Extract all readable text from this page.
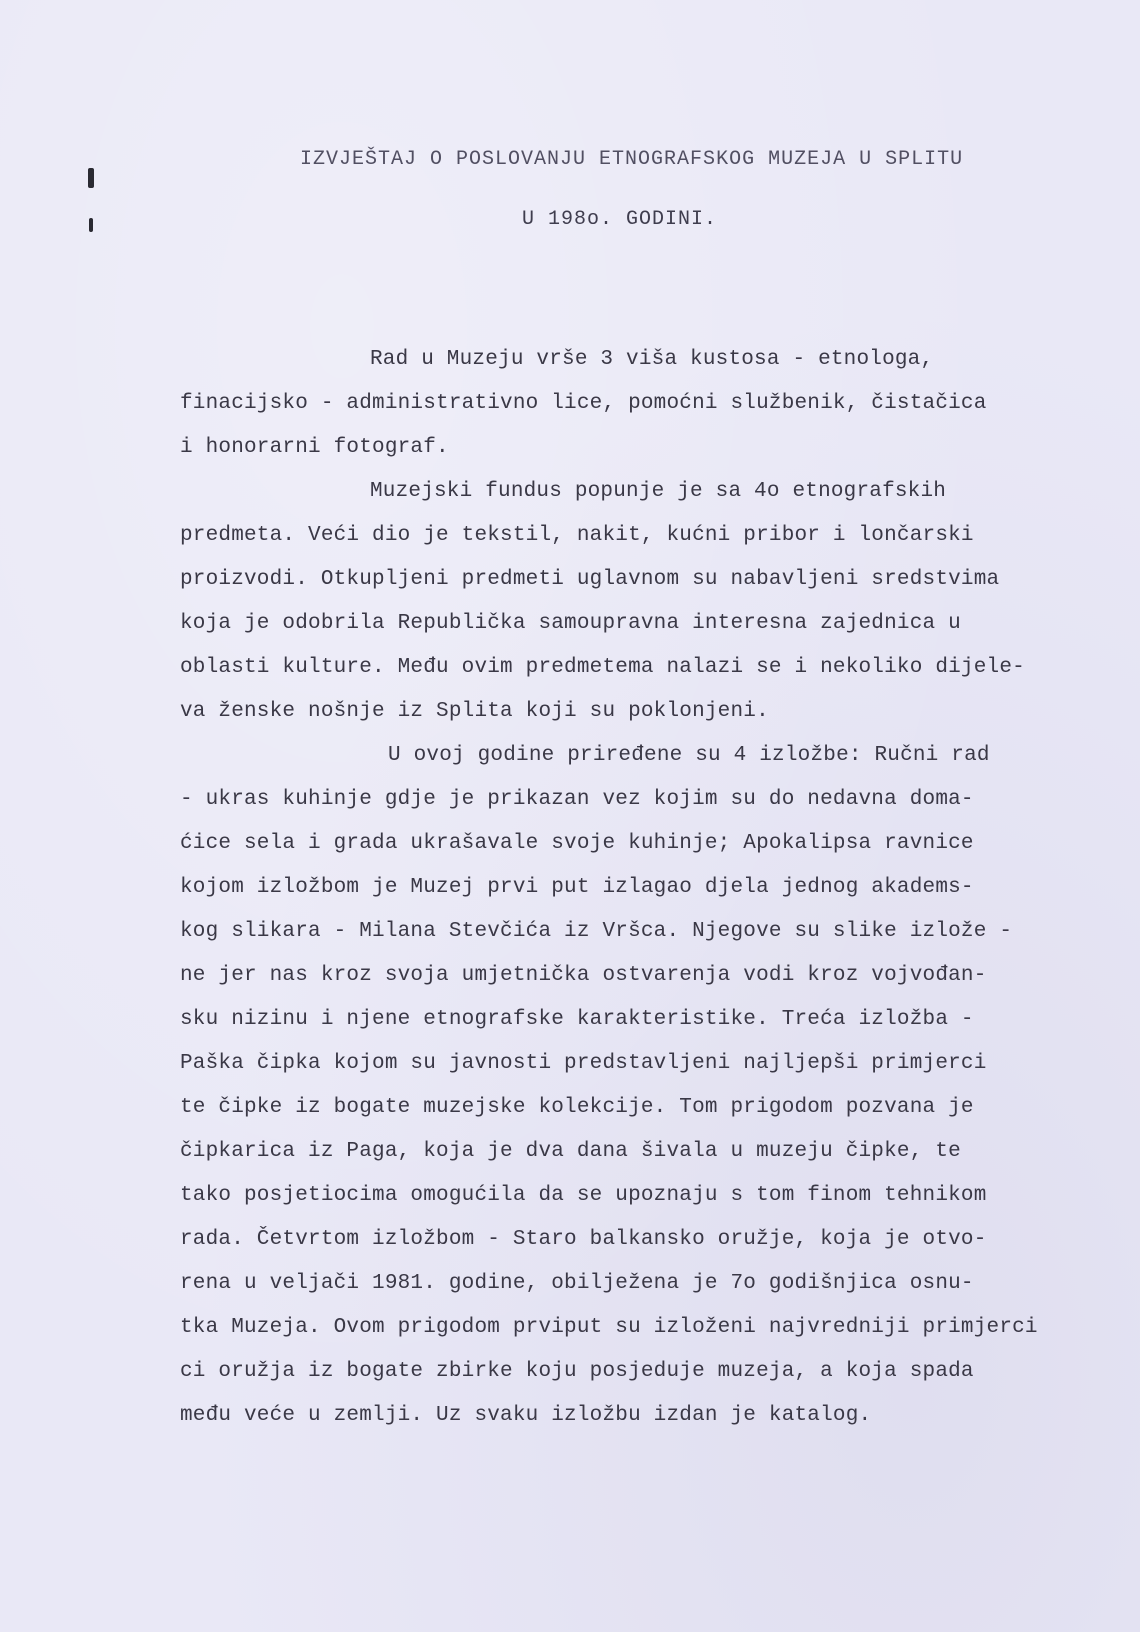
IZVJEŠTAJ O POSLOVANJU ETNOGRAFSKOG MUZEJA U SPLITU
U 198o. GODINI.
Rad u Muzeju vrše 3 viša kustosa - etnologa,
finacijsko - administrativno lice, pomoćni službenik, čistačica
i honorarni fotograf.
Muzejski fundus popunje je sa 4o etnografskih
predmeta. Veći dio je tekstil, nakit, kućni pribor i lončarski
proizvodi. Otkupljeni predmeti uglavnom su nabavljeni sredstvima
koja je odobrila Republička samoupravna interesna zajednica u
oblasti kulture. Među ovim predmetema nalazi se i nekoliko dijele-
va ženske nošnje iz Splita koji su poklonjeni.
U ovoj godine priređene su 4 izložbe: Ručni rad
- ukras kuhinje gdje je prikazan vez kojim su do nedavna doma-
ćice sela i grada ukrašavale svoje kuhinje; Apokalipsa ravnice
kojom izložbom je Muzej prvi put izlagao djela jednog akadems-
kog slikara - Milana Stevčića iz Vršca. Njegove su slike izlože -
ne jer nas kroz svoja umjetnička ostvarenja vodi kroz vojvođan-
sku nizinu i njene etnografske karakteristike. Treća izložba -
Paška čipka kojom su javnosti predstavljeni najljepši primjerci
te čipke iz bogate muzejske kolekcije. Tom prigodom pozvana je
čipkarica iz Paga, koja je dva dana šivala u muzeju čipke, te
tako posjetiocima omogućila da se upoznaju s tom finom tehnikom
rada. Četvrtom izložbom - Staro balkansko oružje, koja je otvo-
rena u veljači 1981. godine, obilježena je 7o godišnjica osnu-
tka Muzeja. Ovom prigodom prviput su izloženi najvredniji primjerci
ci oružja iz bogate zbirke koju posjeduje muzeja, a koja spada
među veće u zemlji. Uz svaku izložbu izdan je katalog.
